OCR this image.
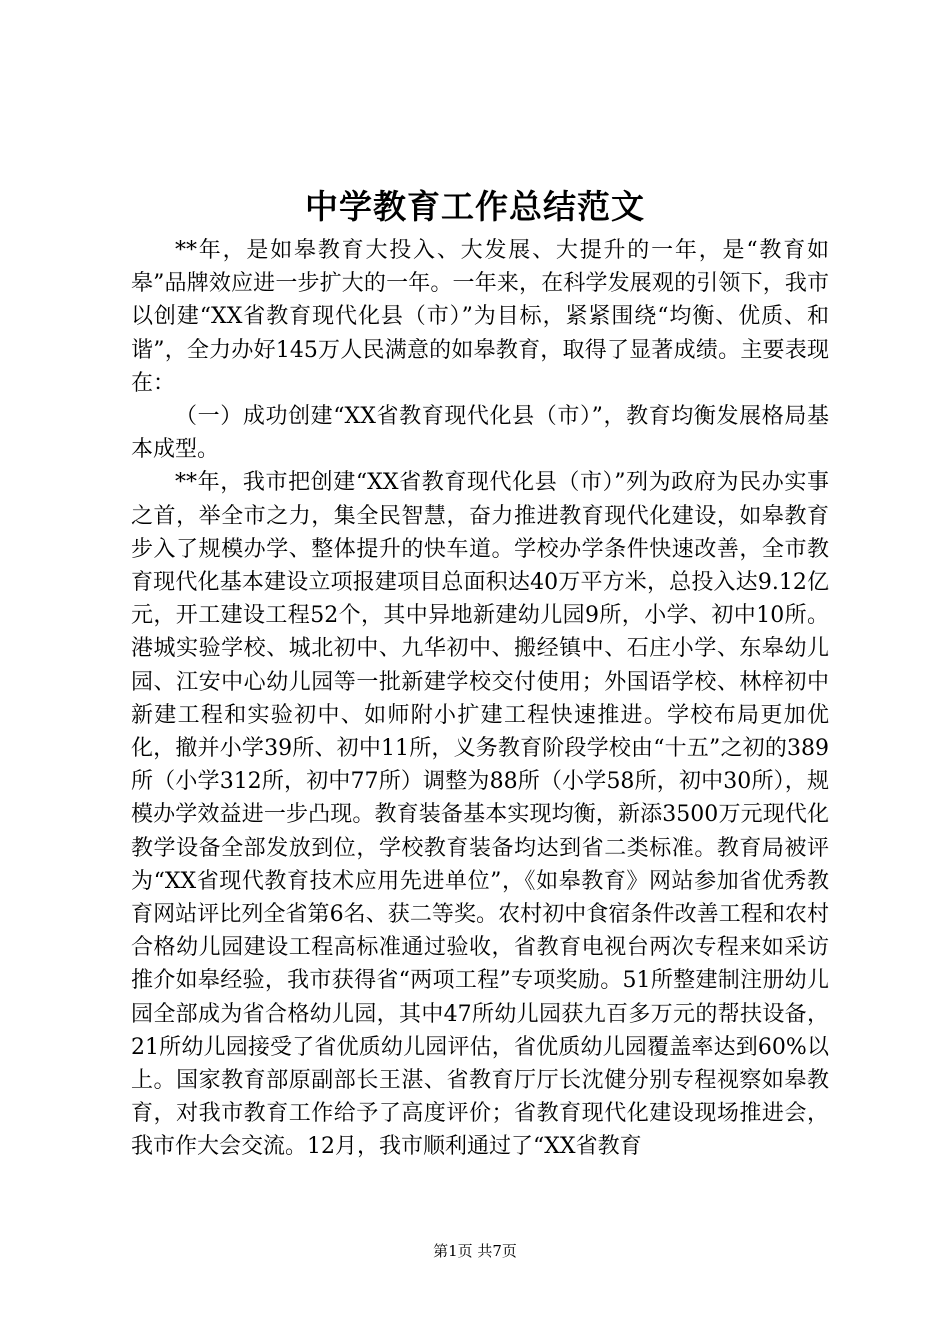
中学教育工作总结范文

**年，是如皋教育大投入、大发展、大提升的一年，是“教育如皋”品牌效应进一步扩大的一年。一年来，在科学发展观的引领下，我市以创建“XX省教育现代化县（市）”为目标，紧紧围绕“均衡、优质、和谐”，全力办好145万人民满意的如皋教育，取得了显著成绩。主要表现在：

（一）成功创建“XX省教育现代化县（市）”，教育均衡发展格局基本成型。

**年，我市把创建“XX省教育现代化县（市）”列为政府为民办实事之首，举全市之力，集全民智慧，奋力推进教育现代化建设，如皋教育步入了规模办学、整体提升的快车道。学校办学条件快速改善，全市教育现代化基本建设立项报建项目总面积达40万平方米，总投入达9.12亿元，开工建设工程52个，其中异地新建幼儿园9所，小学、初中10所。港城实验学校、城北初中、九华初中、搬经镇中、石庄小学、东皋幼儿园、江安中心幼儿园等一批新建学校交付使用；外国语学校、林梓初中新建工程和实验初中、如师附小扩建工程快速推进。学校布局更加优化，撤并小学39所、初中11所，义务教育阶段学校由“十五”之初的389所（小学312所，初中77所）调整为88所（小学58所，初中30所），规模办学效益进一步凸现。教育装备基本实现均衡，新添3500万元现代化教学设备全部发放到位，学校教育装备均达到省二类标准。教育局被评为“XX省现代教育技术应用先进单位”，《如皋教育》网站参加省优秀教育网站评比列全省第6名、获二等奖。农村初中食宿条件改善工程和农村合格幼儿园建设工程高标准通过验收，省教育电视台两次专程来如采访推介如皋经验，我市获得省“两项工程”专项奖励。51所整建制注册幼儿园全部成为省合格幼儿园，其中47所幼儿园获九百多万元的帮扶设备，21所幼儿园接受了省优质幼儿园评估，省优质幼儿园覆盖率达到60%以上。国家教育部原副部长王湛、省教育厅厅长沈健分别专程视察如皋教育，对我市教育工作给予了高度评价；省教育现代化建设现场推进会，我市作大会交流。12月，我市顺利通过了“XX省教育

第1页 共7页
